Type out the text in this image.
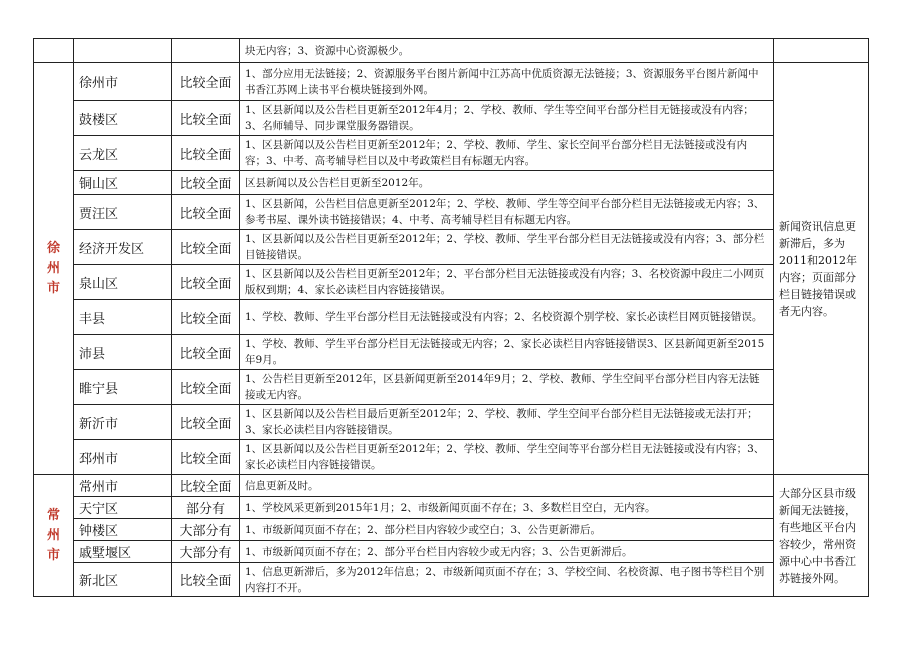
			块无内容；3、资源中心资源极少。	
徐州市	徐州市	比较全面	1、部分应用无法链接；2、资源服务平台图片新闻中江苏高中优质资源无法链接；3、资源服务平台图片新闻中书香江苏网上读书平台模块链接到外网。	新闻资讯信息更新滞后，多为2011和2012年内容；页面部分栏目链接错误或者无内容。
	鼓楼区	比较全面	1、区县新闻以及公告栏目更新至2012年4月；2、学校、教师、学生等空间平台部分栏目无链接或没有内容；3、名师辅导、同步课堂服务器错误。	
	云龙区	比较全面	1、区县新闻以及公告栏目更新至2012年；2、学校、教师、学生、家长空间平台部分栏目无法链接或没有内容；3、中考、高考辅导栏目以及中考政策栏目有标题无内容。	
	铜山区	比较全面	区县新闻以及公告栏目更新至2012年。	
	贾汪区	比较全面	1、区县新闻，公告栏目信息更新至2012年；2、学校、教师、学生等空间平台部分栏目无法链接或无内容；3、参考书屋、课外读书链接错误；4、中考、高考辅导栏目有标题无内容。	
	经济开发区	比较全面	1、区县新闻以及公告栏目更新至2012年；2、学校、教师、学生平台部分栏目无法链接或没有内容；3、部分栏目链接错误。	
	泉山区	比较全面	1、区县新闻以及公告栏目更新至2012年；2、平台部分栏目无法链接或没有内容；3、名校资源中段庄二小网页版权到期；4、家长必读栏目内容链接错误。	
	丰县	比较全面	1、学校、教师、学生平台部分栏目无法链接或没有内容；2、名校资源个别学校、家长必读栏目网页链接错误。	
	沛县	比较全面	1、学校、教师、学生平台部分栏目无法链接或无内容；2、家长必读栏目内容链接错误3、区县新闻更新至2015年9月。	
	睢宁县	比较全面	1、公告栏目更新至2012年，区县新闻更新至2014年9月；2、学校、教师、学生空间平台部分栏目内容无法链接或无内容。	
	新沂市	比较全面	1、区县新闻以及公告栏目最后更新至2012年；2、学校、教师、学生空间平台部分栏目无法链接或无法打开；3、家长必读栏目内容链接错误。	
	邳州市	比较全面	1、区县新闻以及公告栏目更新至2012年；2、学校、教师、学生空间等平台部分栏目无法链接或没有内容；3、家长必读栏目内容链接错误。	
常州市	常州市	比较全面	信息更新及时。	大部分区县市级新闻无法链接，有些地区平台内容较少，常州资源中心中书香江苏链接外网。
	天宁区	部分有	1、学校风采更新到2015年1月；2、市级新闻页面不存在；3、多数栏目空白，无内容。	
	钟楼区	大部分有	1、市级新闻页面不存在；2、部分栏目内容较少或空白；3、公告更新滞后。	
	戚墅堰区	大部分有	1、市级新闻页面不存在；2、部分平台栏目内容较少或无内容；3、公告更新滞后。	
	新北区	比较全面	1、信息更新滞后，多为2012年信息；2、市级新闻页面不存在；3、学校空间、名校资源、电子图书等栏目个别内容打不开。	
